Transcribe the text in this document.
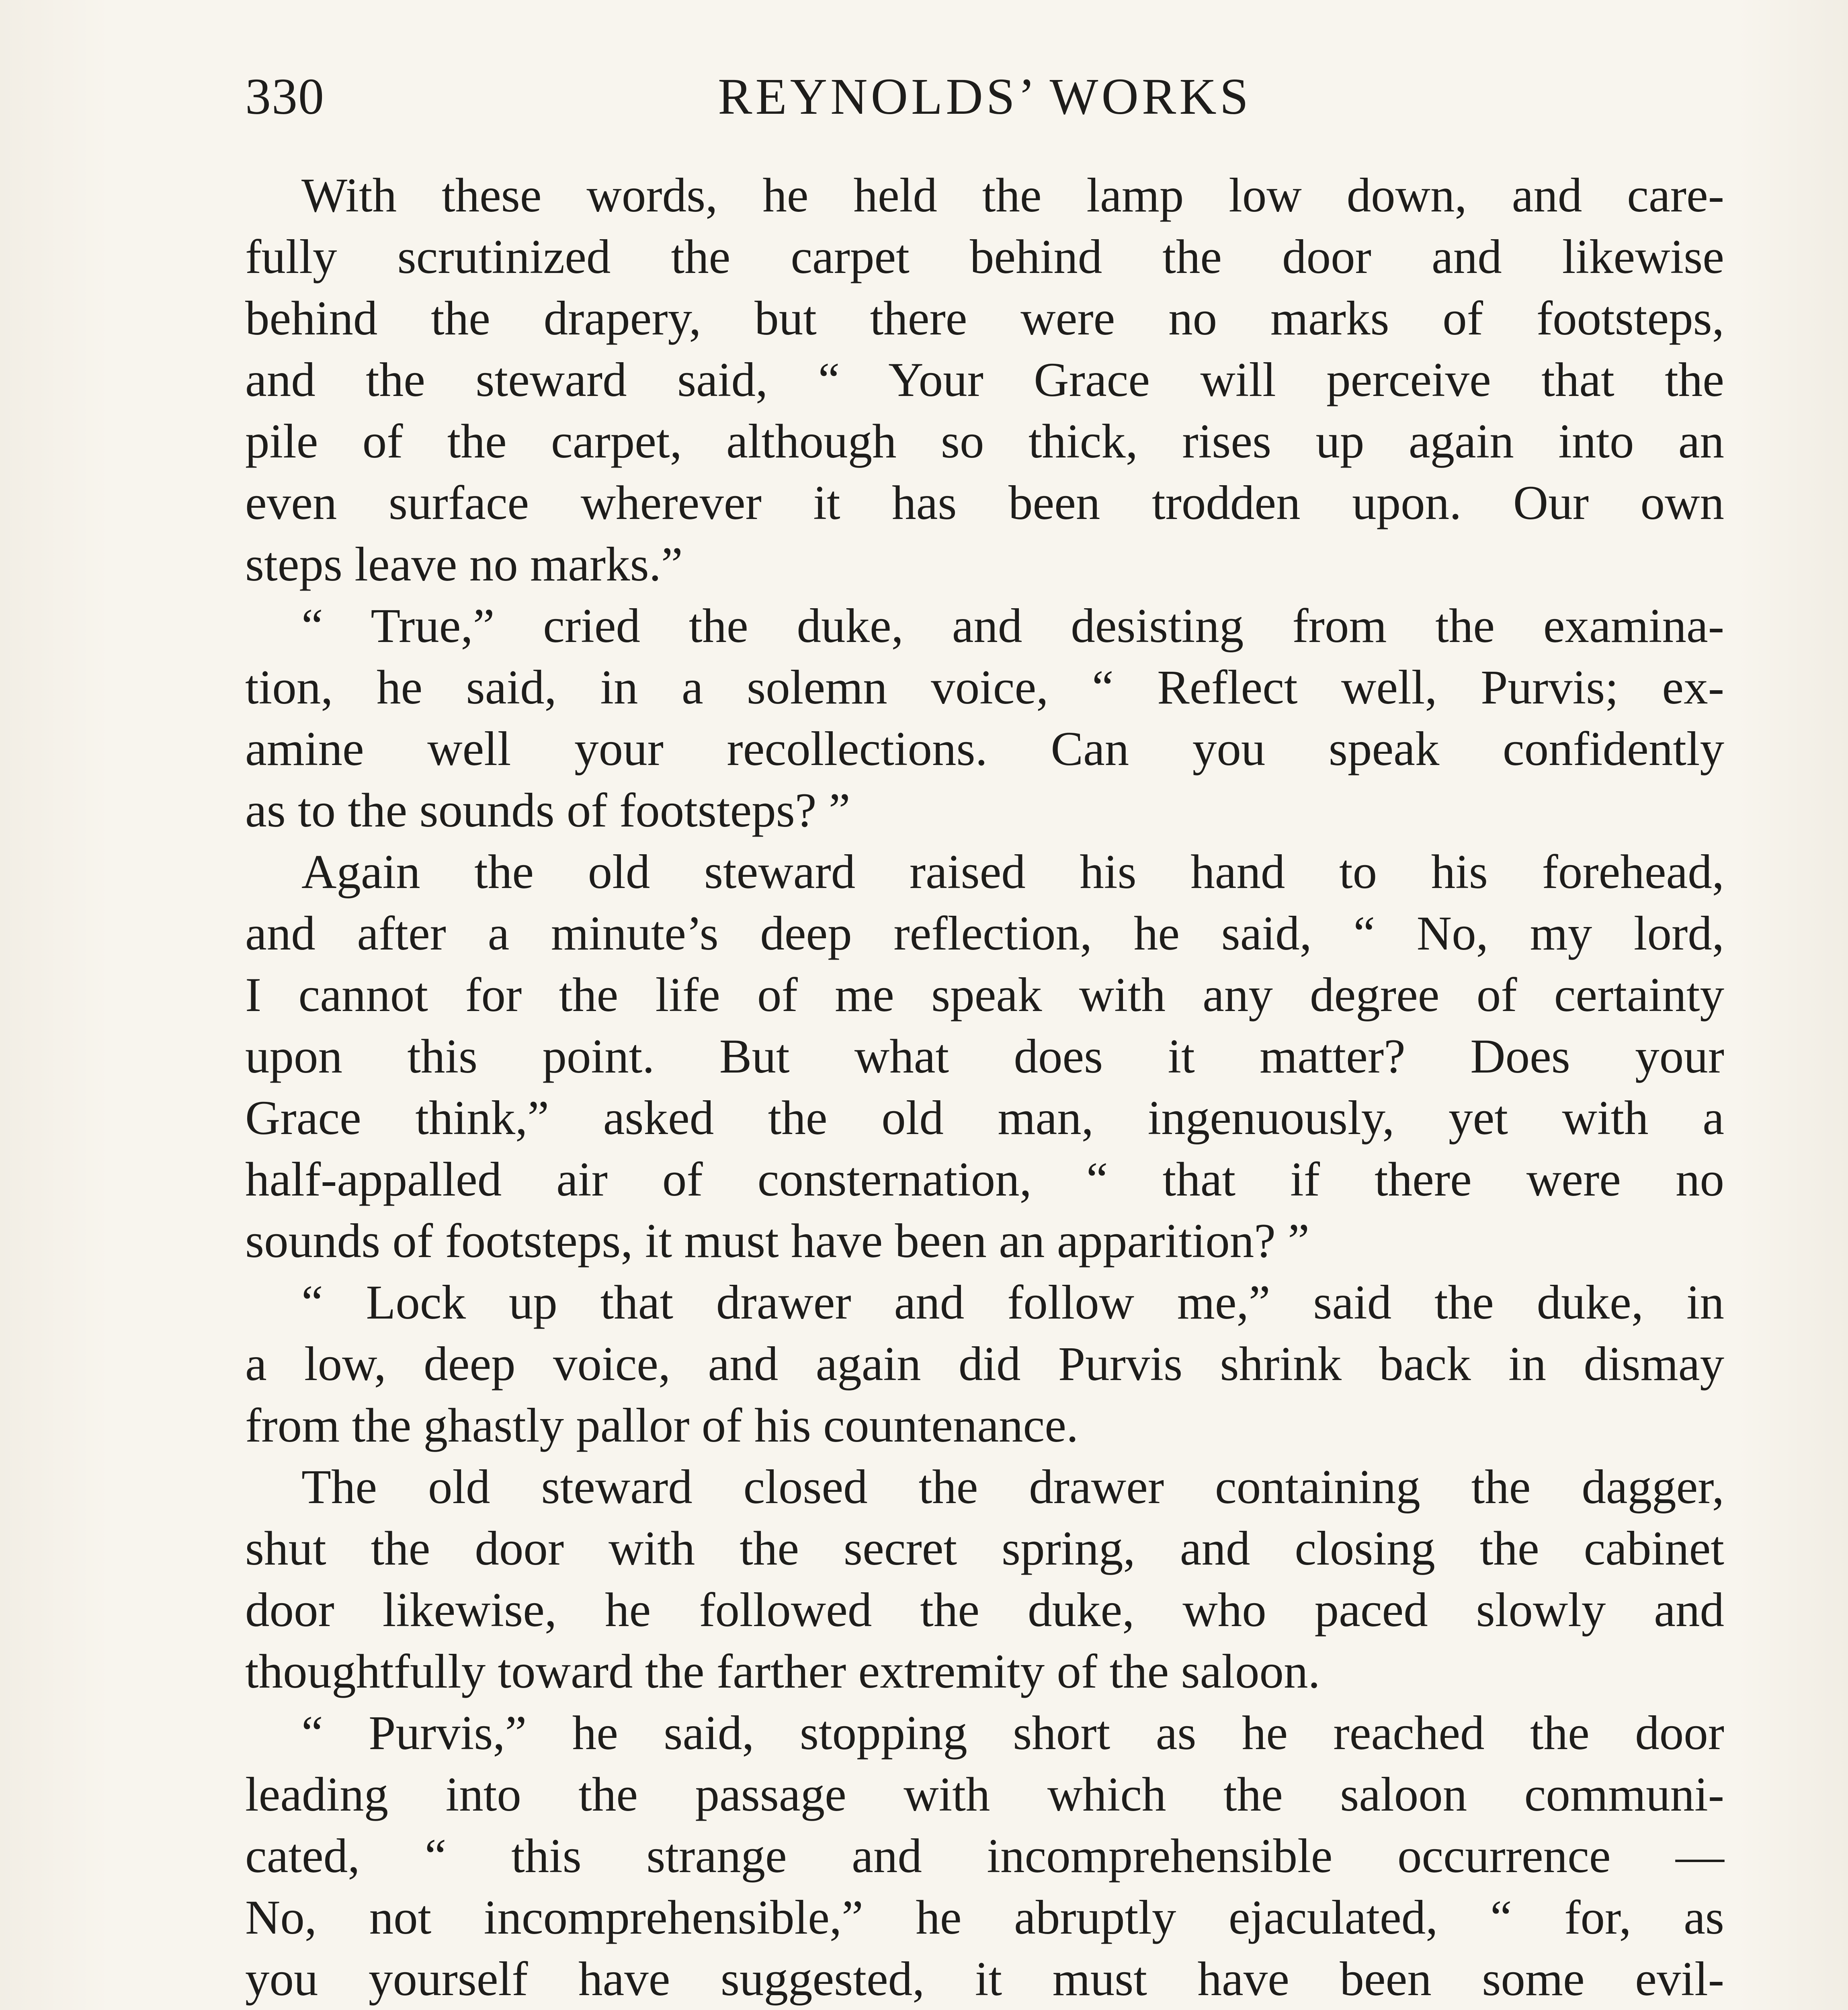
330	REYNOLDS’ WORKS
With these words, he held the lamp low down, and care-
fully scrutinized the carpet behind the door and likewise
behind the drapery, but there were no marks of footsteps,
and the steward said, “ Your Grace will perceive that the
pile of the carpet, although so thick, rises up again into an
even surface wherever it has been trodden upon. Our own
steps leave no marks.”
“ True,” cried the duke, and desisting from the examina-
tion, he said, in a solemn voice, “ Reflect well, Purvis; ex-
amine well your recollections. Can you speak confidently
as to the sounds of footsteps? ”
Again the old steward raised his hand to his forehead,
and after a minute’s deep reflection, he said, “ No, my lord,
I cannot for the life of me speak with any degree of certainty
upon this point. But what does it matter? Does your
Grace think,” asked the old man, ingenuously, yet with a
half-appalled air of consternation, “ that if there were no
sounds of footsteps, it must have been an apparition? ”
“ Lock up that drawer and follow me,” said the duke, in
a low, deep voice, and again did Purvis shrink back in dismay
from the ghastly pallor of his countenance.
The old steward closed the drawer containing the dagger,
shut the door with the secret spring, and closing the cabinet
door likewise, he followed the duke, who paced slowly and
thoughtfully toward the farther extremity of the saloon.
“ Purvis,” he said, stopping short as he reached the door
leading into the passage with which the saloon communi-
cated, “ this strange and incomprehensible occurrence —
No, not incomprehensible,” he abruptly ejaculated, “ for, as
you yourself have suggested, it must have been some evil-
